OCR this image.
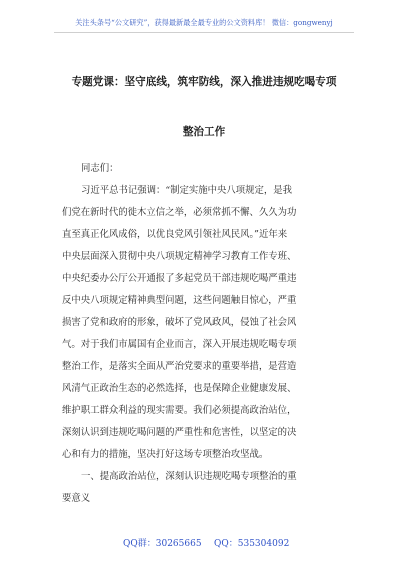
关注头条号“公文研究”，获得最新最全最专业的公文资料库！ 微信：gongwenyj
专题党课：坚守底线，筑牢防线，深入推进违规吃喝专项
整治工作
同志们：
习近平总书记强调：“制定实施中央八项规定，是我
们党在新时代的徙木立信之举，必须常抓不懈、久久为功
直至真正化风成俗，以优良党风引领社风民风。”近年来
中央层面深入贯彻中央八项规定精神学习教育工作专班、
中央纪委办公厅公开通报了多起党员干部违规吃喝严重违
反中央八项规定精神典型问题，这些问题触目惊心，严重
损害了党和政府的形象，破坏了党风政风，侵蚀了社会风
气。对于我们市属国有企业而言，深入开展违规吃喝专项
整治工作，是落实全面从严治党要求的重要举措，是营造
风清气正政治生态的必然选择，也是保障企业健康发展、
维护职工群众利益的现实需要。我们必须提高政治站位，
深刻认识到违规吃喝问题的严重性和危害性，以坚定的决
心和有力的措施，坚决打好这场专项整治攻坚战。
一、提高政治站位，深刻认识违规吃喝专项整治的重
要意义
QQ群：30265665 QQ：535304092
